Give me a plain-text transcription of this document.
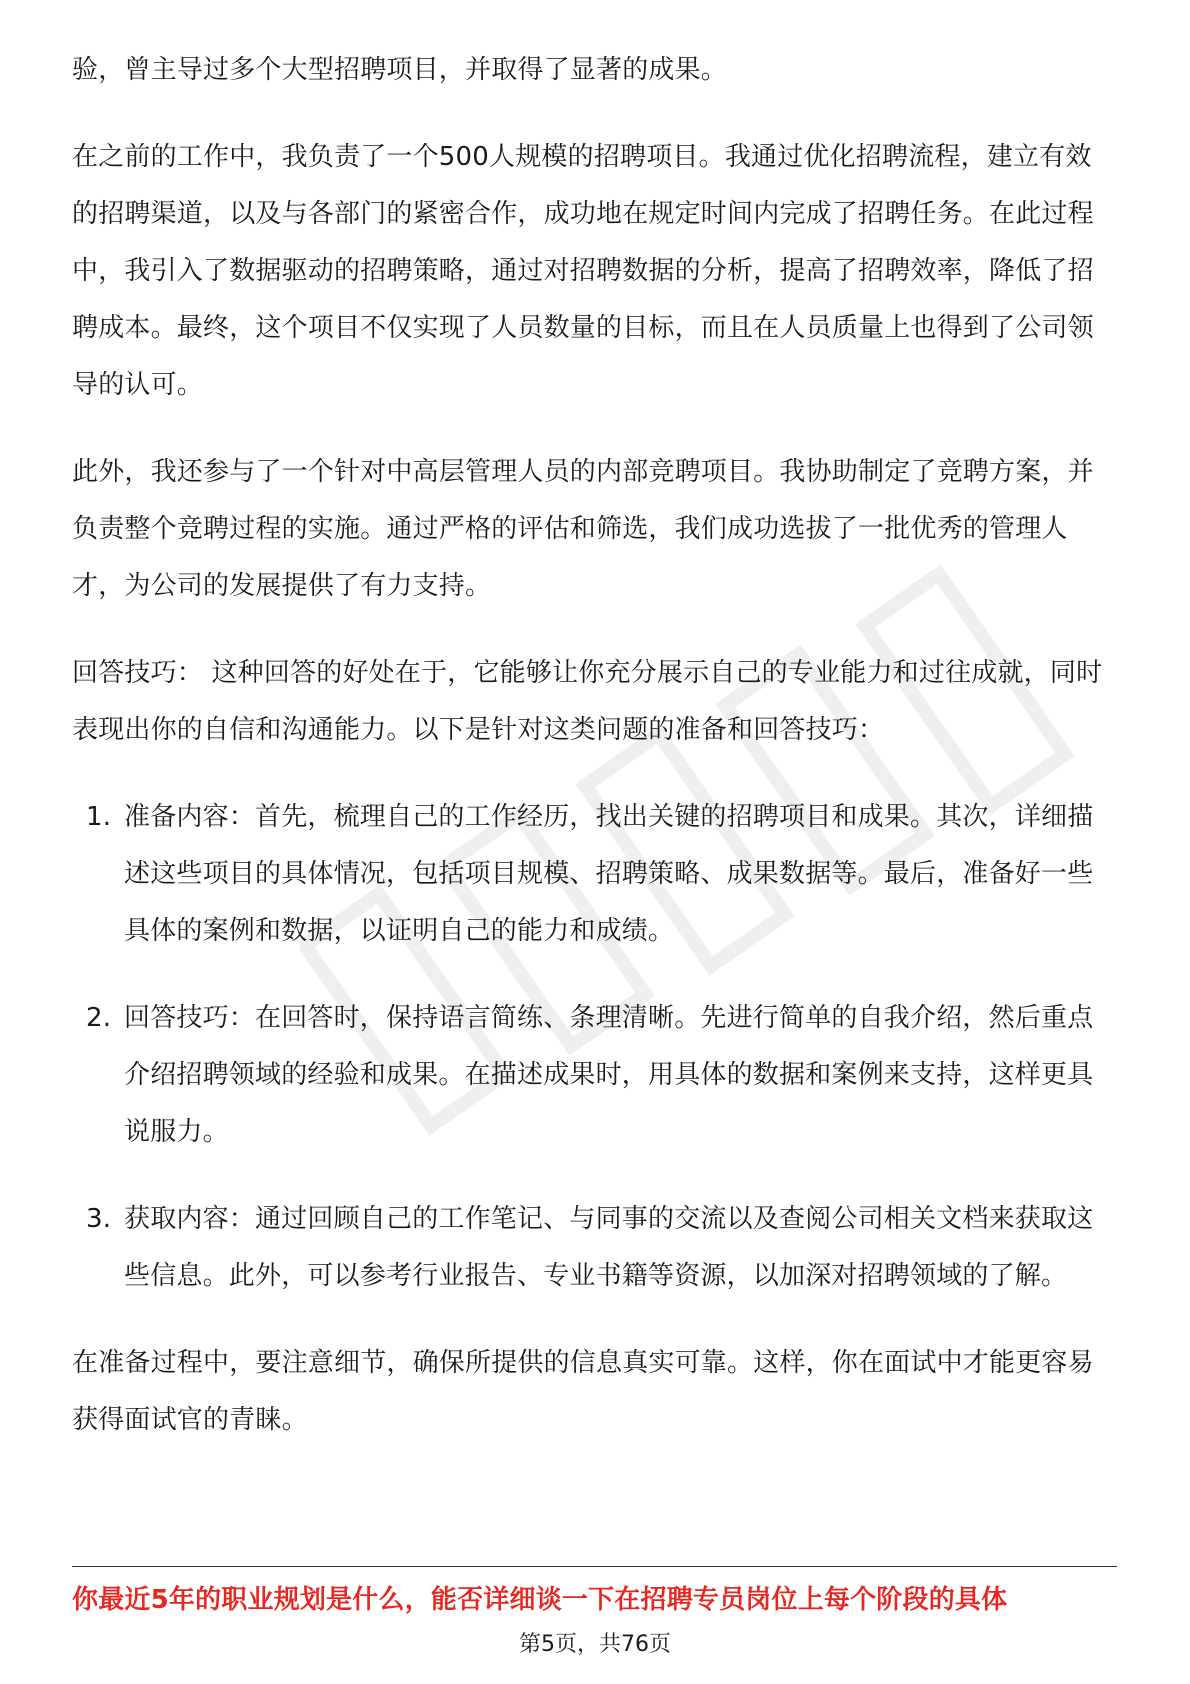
验，曾主导过多个大型招聘项目，并取得了显著的成果。

在之前的工作中，我负责了一个500人规模的招聘项目。我通过优化招聘流程，建立有效的招聘渠道，以及与各部门的紧密合作，成功地在规定时间内完成了招聘任务。在此过程中，我引入了数据驱动的招聘策略，通过对招聘数据的分析，提高了招聘效率，降低了招聘成本。最终，这个项目不仅实现了人员数量的目标，而且在人员质量上也得到了公司领导的认可。

此外，我还参与了一个针对中高层管理人员的内部竞聘项目。我协助制定了竞聘方案，并负责整个竞聘过程的实施。通过严格的评估和筛选，我们成功选拔了一批优秀的管理人才，为公司的发展提供了有力支持。

回答技巧： 这种回答的好处在于，它能够让你充分展示自己的专业能力和过往成就，同时表现出你的自信和沟通能力。以下是针对这类问题的准备和回答技巧：

1. 准备内容：首先，梳理自己的工作经历，找出关键的招聘项目和成果。其次，详细描述这些项目的具体情况，包括项目规模、招聘策略、成果数据等。最后，准备好一些具体的案例和数据，以证明自己的能力和成绩。
2. 回答技巧：在回答时，保持语言简练、条理清晰。先进行简单的自我介绍，然后重点介绍招聘领域的经验和成果。在描述成果时，用具体的数据和案例来支持，这样更具说服力。
3. 获取内容：通过回顾自己的工作笔记、与同事的交流以及查阅公司相关文档来获取这些信息。此外，可以参考行业报告、专业书籍等资源，以加深对招聘领域的了解。

在准备过程中，要注意细节，确保所提供的信息真实可靠。这样，你在面试中才能更容易获得面试官的青睐。

你最近5年的职业规划是什么，能否详细谈一下在招聘专员岗位上每个阶段的具体
第5页，共76页
